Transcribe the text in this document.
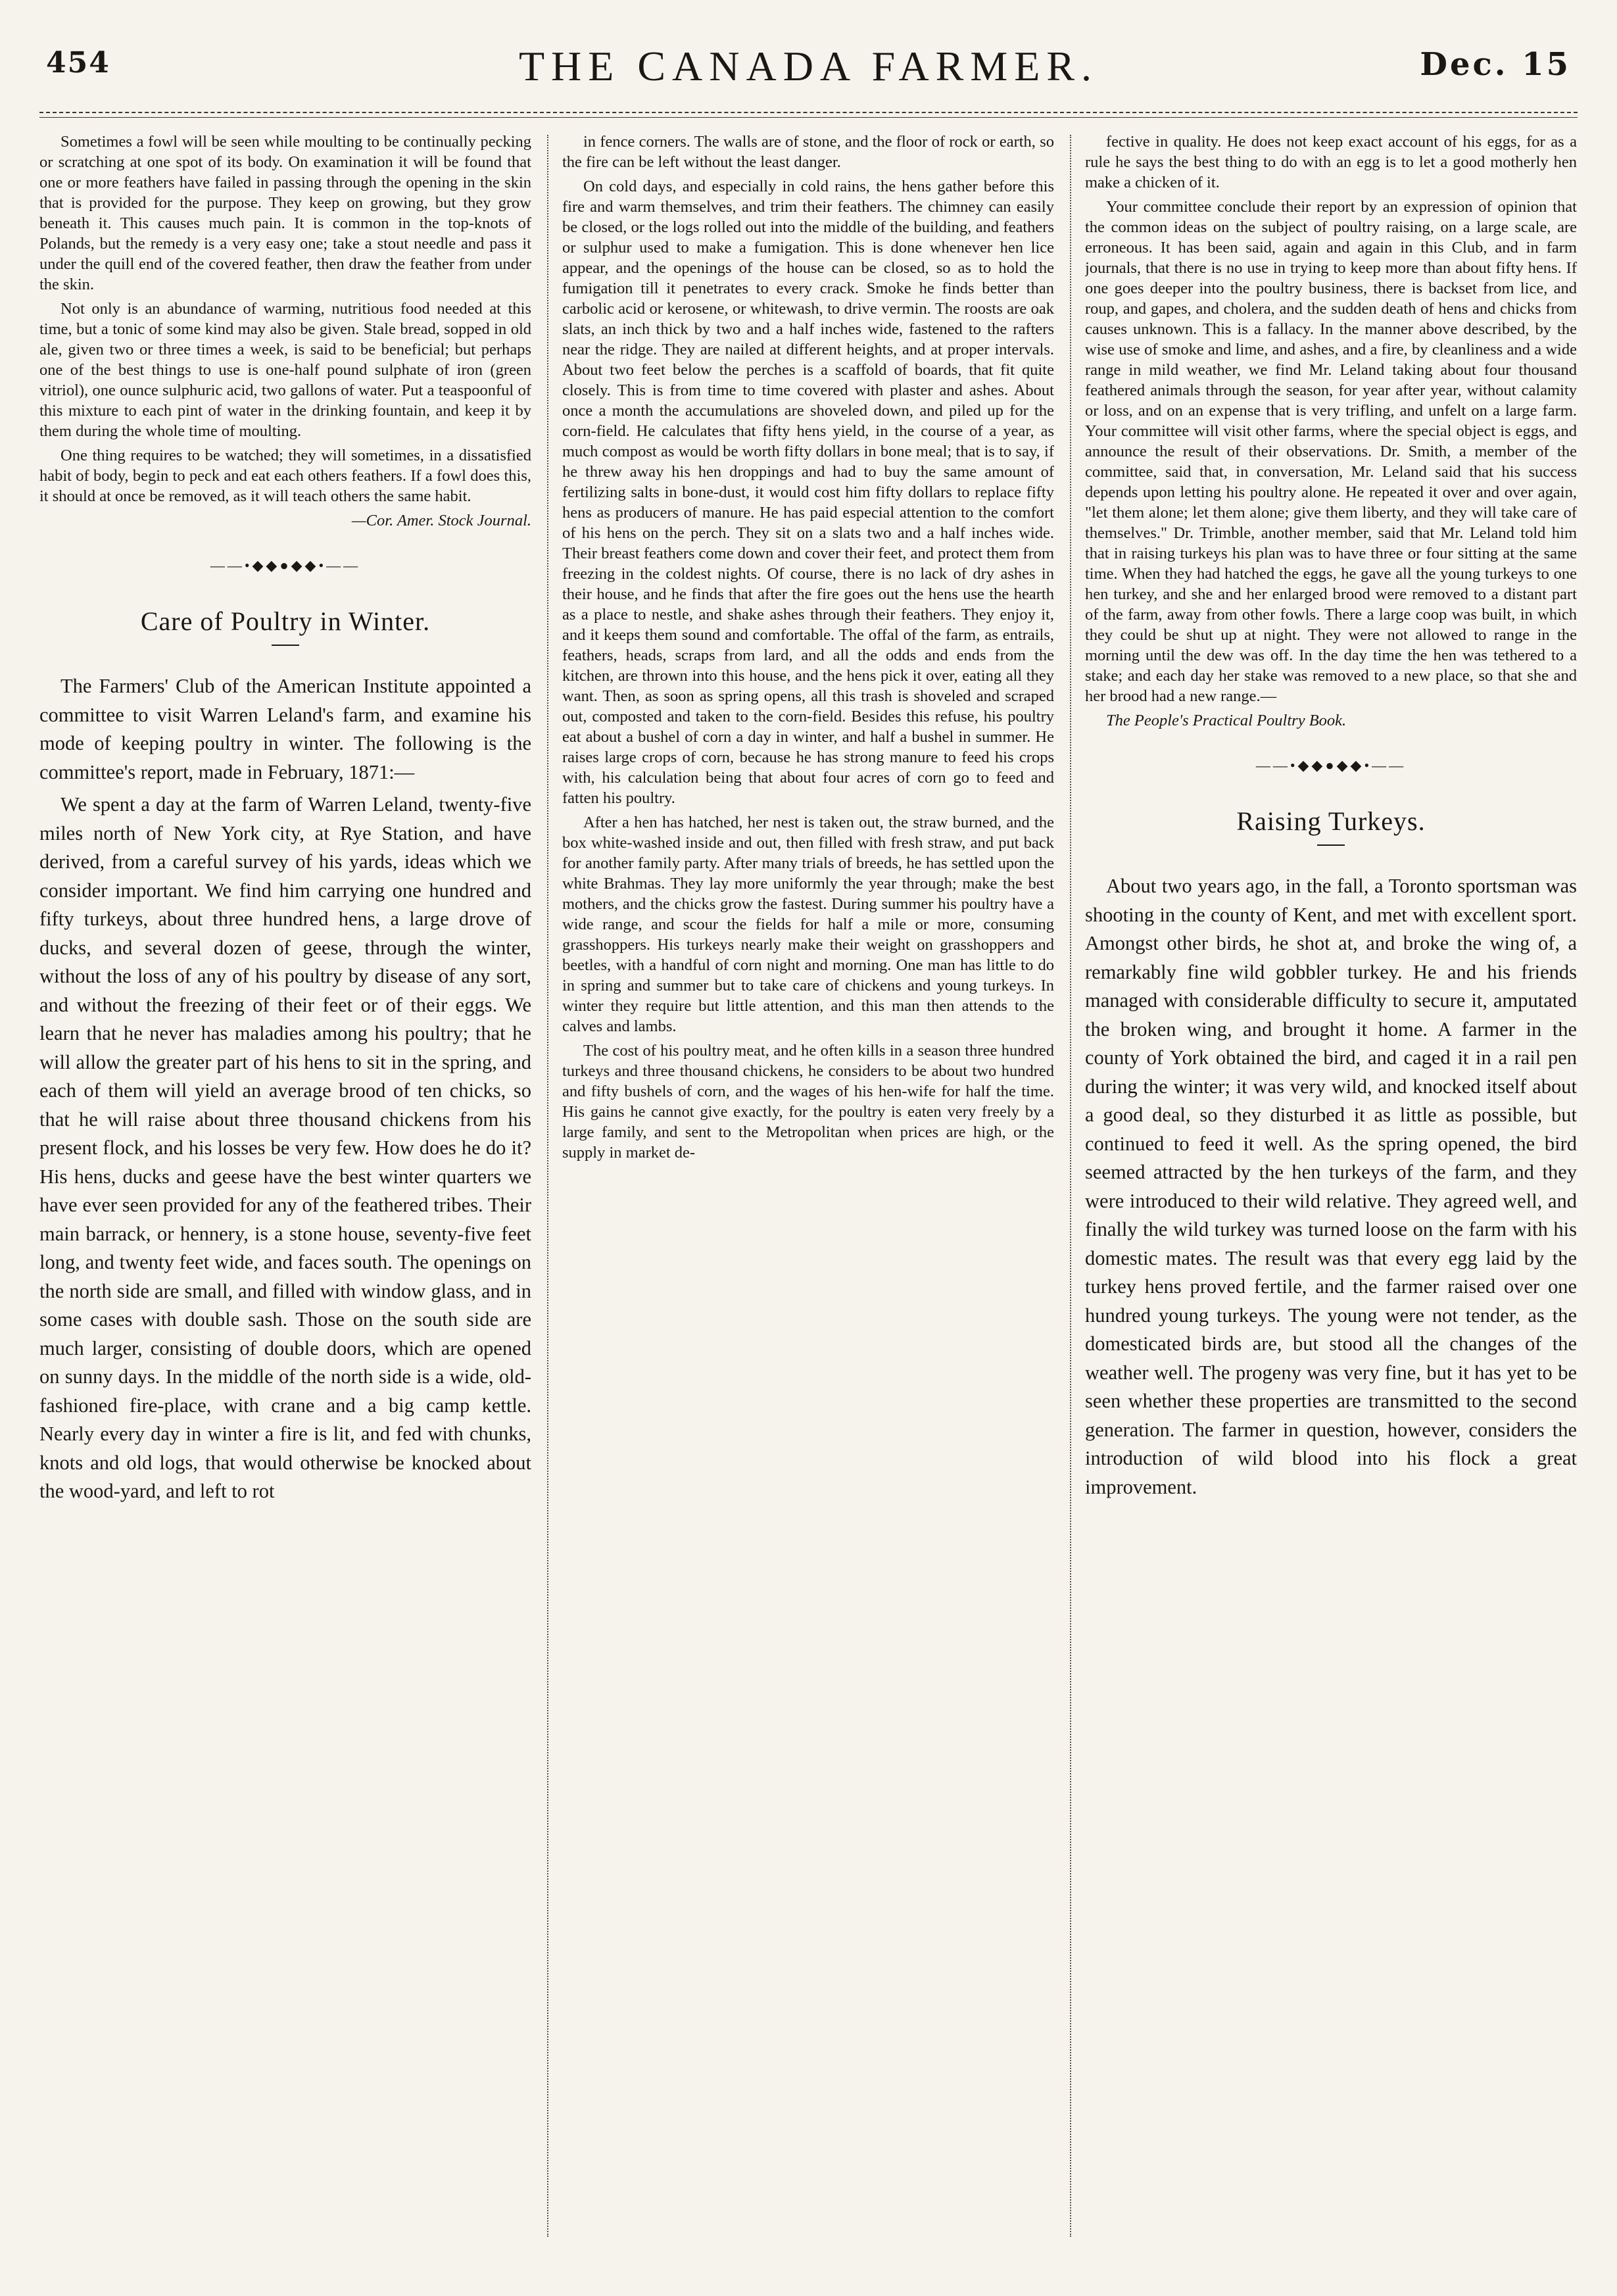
454	THE CANADA FARMER.	Dec. 15

Sometimes a fowl will be seen while moulting to be continually pecking or scratching at one spot of its body. On examination it will be found that one or more feathers have failed in passing through the opening in the skin that is provided for the purpose. They keep on growing, but they grow beneath it. This causes much pain. It is common in the top-knots of Polands, but the remedy is a very easy one; take a stout needle and pass it under the quill end of the covered feather, then draw the feather from under the skin.

Not only is an abundance of warming, nutritious food needed at this time, but a tonic of some kind may also be given. Stale bread, sopped in old ale, given two or three times a week, is said to be beneficial; but perhaps one of the best things to use is one-half pound sulphate of iron (green vitriol), one ounce sulphuric acid, two gallons of water. Put a teaspoonful of this mixture to each pint of water in the drinking fountain, and keep it by them during the whole time of moulting.

One thing requires to be watched; they will sometimes, in a dissatisfied habit of body, begin to peck and eat each others feathers. If a fowl does this, it should at once be removed, as it will teach others the same habit.

—Cor. Amer. Stock Journal.

——•◆◆●◆◆•——
Care of Poultry in Winter.

The Farmers' Club of the American Institute appointed a committee to visit Warren Leland's farm, and examine his mode of keeping poultry in winter. The following is the committee's report, made in February, 1871:—

We spent a day at the farm of Warren Leland, twenty-five miles north of New York city, at Rye Station, and have derived, from a careful survey of his yards, ideas which we consider important. We find him carrying one hundred and fifty turkeys, about three hundred hens, a large drove of ducks, and several dozen of geese, through the winter, without the loss of any of his poultry by disease of any sort, and without the freezing of their feet or of their eggs. We learn that he never has maladies among his poultry; that he will allow the greater part of his hens to sit in the spring, and each of them will yield an average brood of ten chicks, so that he will raise about three thousand chickens from his present flock, and his losses be very few. How does he do it? His hens, ducks and geese have the best winter quarters we have ever seen provided for any of the feathered tribes. Their main barrack, or hennery, is a stone house, seventy-five feet long, and twenty feet wide, and faces south. The openings on the north side are small, and filled with window glass, and in some cases with double sash. Those on the south side are much larger, consisting of double doors, which are opened on sunny days. In the middle of the north side is a wide, old-fashioned fire-place, with crane and a big camp kettle. Nearly every day in winter a fire is lit, and fed with chunks, knots and old logs, that would otherwise be knocked about the wood-yard, and left to rot

in fence corners. The walls are of stone, and the floor of rock or earth, so the fire can be left without the least danger.

On cold days, and especially in cold rains, the hens gather before this fire and warm themselves, and trim their feathers. The chimney can easily be closed, or the logs rolled out into the middle of the building, and feathers or sulphur used to make a fumigation. This is done whenever hen lice appear, and the openings of the house can be closed, so as to hold the fumigation till it penetrates to every crack. Smoke he finds better than carbolic acid or kerosene, or whitewash, to drive vermin. The roosts are oak slats, an inch thick by two and a half inches wide, fastened to the rafters near the ridge. They are nailed at different heights, and at proper intervals. About two feet below the perches is a scaffold of boards, that fit quite closely. This is from time to time covered with plaster and ashes. About once a month the accumulations are shoveled down, and piled up for the corn-field. He calculates that fifty hens yield, in the course of a year, as much compost as would be worth fifty dollars in bone meal; that is to say, if he threw away his hen droppings and had to buy the same amount of fertilizing salts in bone-dust, it would cost him fifty dollars to replace fifty hens as producers of manure. He has paid especial attention to the comfort of his hens on the perch. They sit on a slats two and a half inches wide. Their breast feathers come down and cover their feet, and protect them from freezing in the coldest nights. Of course, there is no lack of dry ashes in their house, and he finds that after the fire goes out the hens use the hearth as a place to nestle, and shake ashes through their feathers. They enjoy it, and it keeps them sound and comfortable. The offal of the farm, as entrails, feathers, heads, scraps from lard, and all the odds and ends from the kitchen, are thrown into this house, and the hens pick it over, eating all they want. Then, as soon as spring opens, all this trash is shoveled and scraped out, composted and taken to the corn-field. Besides this refuse, his poultry eat about a bushel of corn a day in winter, and half a bushel in summer. He raises large crops of corn, because he has strong manure to feed his crops with, his calculation being that about four acres of corn go to feed and fatten his poultry.

After a hen has hatched, her nest is taken out, the straw burned, and the box white-washed inside and out, then filled with fresh straw, and put back for another family party. After many trials of breeds, he has settled upon the white Brahmas. They lay more uniformly the year through; make the best mothers, and the chicks grow the fastest. During summer his poultry have a wide range, and scour the fields for half a mile or more, consuming grasshoppers. His turkeys nearly make their weight on grasshoppers and beetles, with a handful of corn night and morning. One man has little to do in spring and summer but to take care of chickens and young turkeys. In winter they require but little attention, and this man then attends to the calves and lambs.

The cost of his poultry meat, and he often kills in a season three hundred turkeys and three thousand chickens, he considers to be about two hundred and fifty bushels of corn, and the wages of his hen-wife for half the time. His gains he cannot give exactly, for the poultry is eaten very freely by a large family, and sent to the Metropolitan when prices are high, or the supply in market de-

fective in quality. He does not keep exact account of his eggs, for as a rule he says the best thing to do with an egg is to let a good motherly hen make a chicken of it.

Your committee conclude their report by an expression of opinion that the common ideas on the subject of poultry raising, on a large scale, are erroneous. It has been said, again and again in this Club, and in farm journals, that there is no use in trying to keep more than about fifty hens. If one goes deeper into the poultry business, there is backset from lice, and roup, and gapes, and cholera, and the sudden death of hens and chicks from causes unknown. This is a fallacy. In the manner above described, by the wise use of smoke and lime, and ashes, and a fire, by cleanliness and a wide range in mild weather, we find Mr. Leland taking about four thousand feathered animals through the season, for year after year, without calamity or loss, and on an expense that is very trifling, and unfelt on a large farm. Your committee will visit other farms, where the special object is eggs, and announce the result of their observations. Dr. Smith, a member of the committee, said that, in conversation, Mr. Leland said that his success depends upon letting his poultry alone. He repeated it over and over again, "let them alone; let them alone; give them liberty, and they will take care of themselves." Dr. Trimble, another member, said that Mr. Leland told him that in raising turkeys his plan was to have three or four sitting at the same time. When they had hatched the eggs, he gave all the young turkeys to one hen turkey, and she and her enlarged brood were removed to a distant part of the farm, away from other fowls. There a large coop was built, in which they could be shut up at night. They were not allowed to range in the morning until the dew was off. In the day time the hen was tethered to a stake; and each day her stake was removed to a new place, so that she and her brood had a new range.—

The People's Practical Poultry Book.

——•◆◆●◆◆•——
Raising Turkeys.

About two years ago, in the fall, a Toronto sportsman was shooting in the county of Kent, and met with excellent sport. Amongst other birds, he shot at, and broke the wing of, a remarkably fine wild gobbler turkey. He and his friends managed with considerable difficulty to secure it, amputated the broken wing, and brought it home. A farmer in the county of York obtained the bird, and caged it in a rail pen during the winter; it was very wild, and knocked itself about a good deal, so they disturbed it as little as possible, but continued to feed it well. As the spring opened, the bird seemed attracted by the hen turkeys of the farm, and they were introduced to their wild relative. They agreed well, and finally the wild turkey was turned loose on the farm with his domestic mates. The result was that every egg laid by the turkey hens proved fertile, and the farmer raised over one hundred young turkeys. The young were not tender, as the domesticated birds are, but stood all the changes of the weather well. The progeny was very fine, but it has yet to be seen whether these properties are transmitted to the second generation. The farmer in question, however, considers the introduction of wild blood into his flock a great improvement.
